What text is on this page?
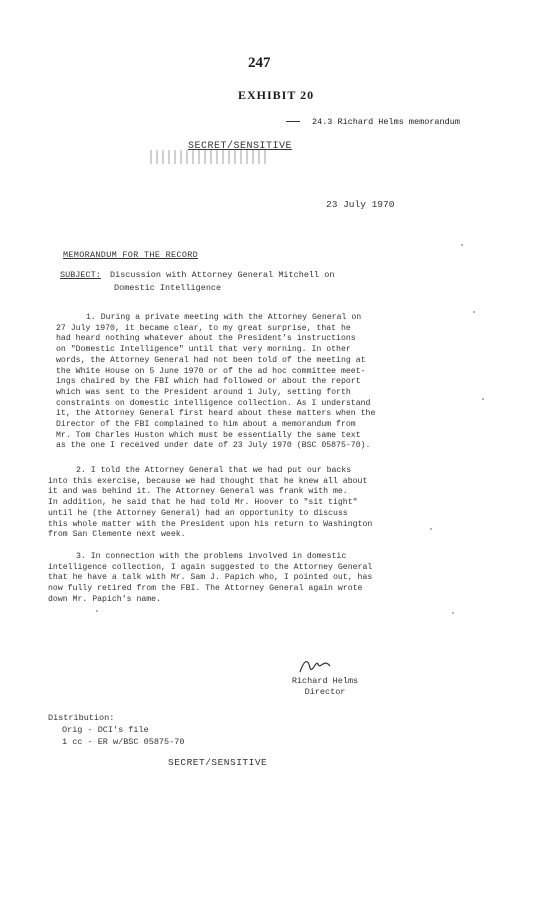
247
EXHIBIT 20
24.3 Richard Helms memorandum
SECRET/SENSITIVE
23 July 1970
MEMORANDUM FOR THE RECORD
SUBJECT: Discussion with Attorney General Mitchell on
Domestic Intelligence
1. During a private meeting with the Attorney General on
27 July 1970, it became clear, to my great surprise, that he
had heard nothing whatever about the President's instructions
on "Domestic Intelligence" until that very morning. In other
words, the Attorney General had not been told of the meeting at
the White House on 5 June 1970 or of the ad hoc committee meet-
ings chaired by the FBI which had followed or about the report
which was sent to the President around 1 July, setting forth
constraints on domestic intelligence collection. As I understand
it, the Attorney General first heard about these matters when the
Director of the FBI complained to him about a memorandum from
Mr. Tom Charles Huston which must be essentially the same text
as the one I received under date of 23 July 1970 (BSC 05875-70).
2. I told the Attorney General that we had put our backs
into this exercise, because we had thought that he knew all about
it and was behind it. The Attorney General was frank with me.
In addition, he said that he had told Mr. Hoover to "sit tight"
until he (the Attorney General) had an opportunity to discuss
this whole matter with the President upon his return to Washington
from San Clemente next week.
3. In connection with the problems involved in domestic
intelligence collection, I again suggested to the Attorney General
that he have a talk with Mr. Sam J. Papich who, I pointed out, has
now fully retired from the FBI. The Attorney General again wrote
down Mr. Papich's name.
Richard Helms
Director
Distribution:
Orig - DCI's file
1 cc - ER w/BSC 05875-70
SECRET/SENSITIVE
